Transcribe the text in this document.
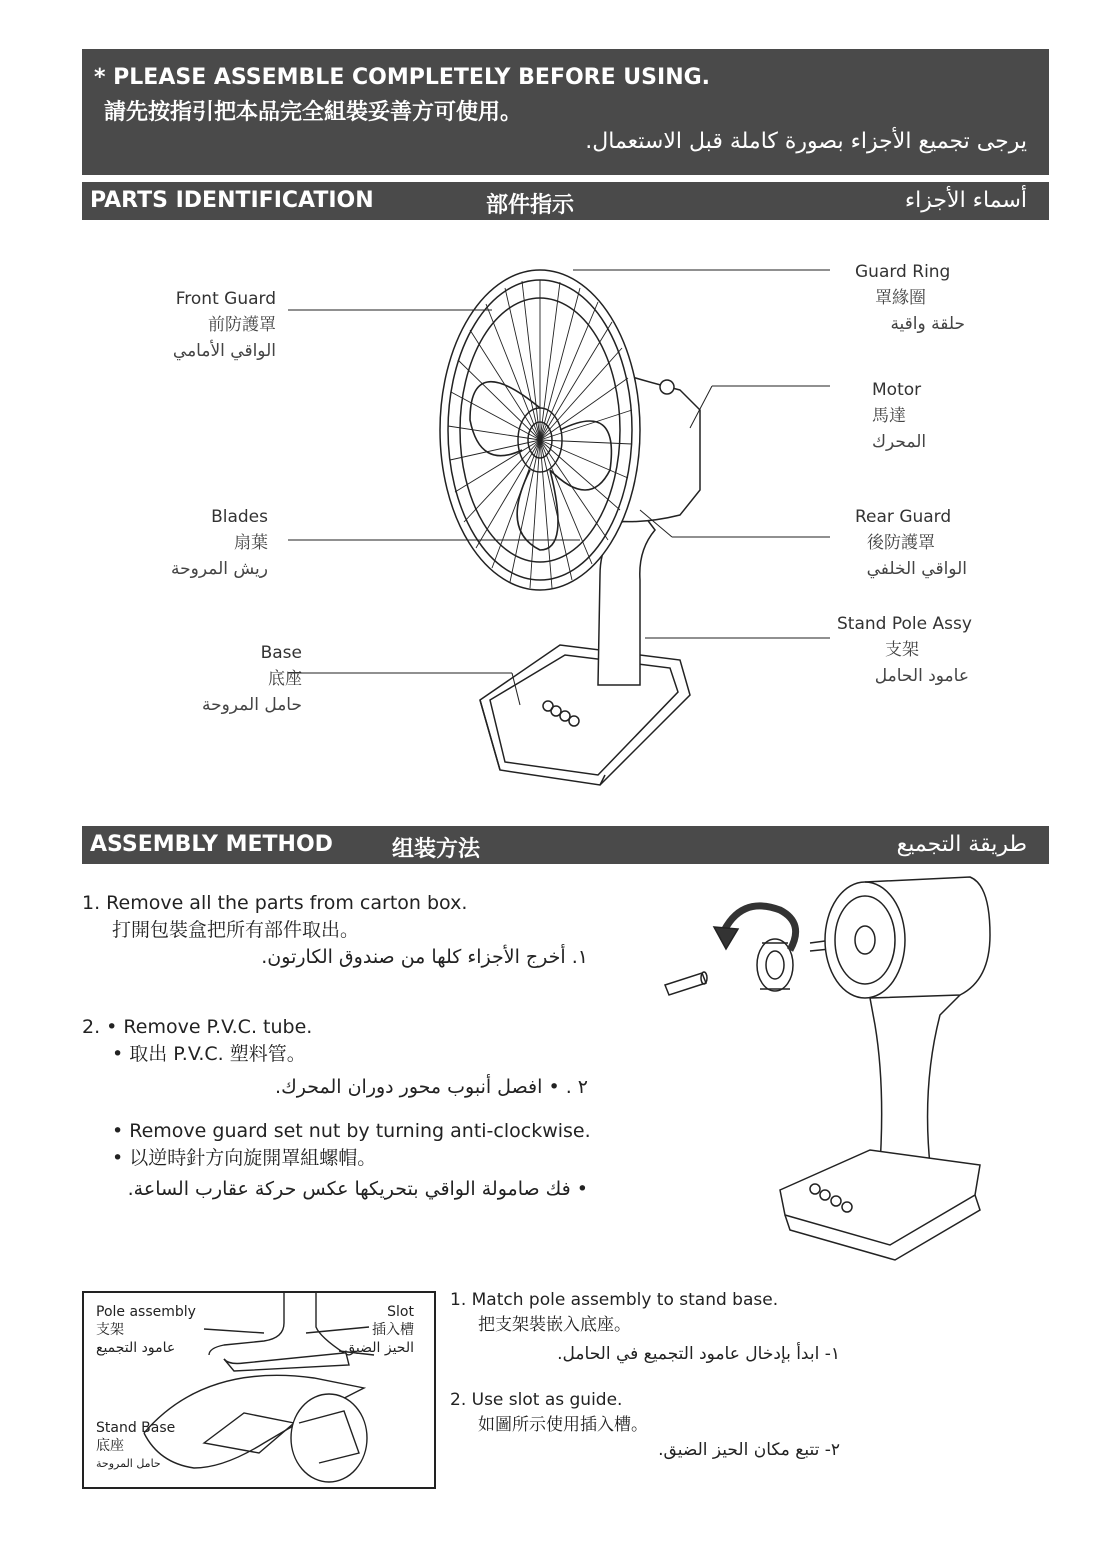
* PLEASE ASSEMBLE COMPLETELY BEFORE USING.
請先按指引把本品完全組裝妥善方可使用。
يرجى تجميع الأجزاء بصورة كاملة قبل الاستعمال.
PARTS IDENTIFICATION	部件指示	أسماء الأجزاء
Front Guard
前防護罩
الواقي الأمامي
Blades
扇葉
ريش المروحة
Base
底座
حامل المروحة
Guard Ring
罩緣圈
حلقة واقية
Motor
馬達
المحرك
Rear Guard
後防護罩
الواقي الخلفي
Stand Pole Assy
支架
عامود الحامل
ASSEMBLY METHOD	组装方法	طريقة التجميع
1. Remove all the parts from carton box.
打開包裝盒把所有部件取出。
١. أخرج الأجزاء كلها من صندوق الكارتون.
2. • Remove P.V.C. tube.
• 取出 P.V.C. 塑料管。
٢ . • افصل أنبوب محور دوران المحرك.
• Remove guard set nut by turning anti-clockwise.
• 以逆時針方向旋開罩組螺帽。
• فك صامولة الواقي بتحريكها عكس حركة عقارب الساعة.
Pole assembly
支架
عامود التجميع
Slot
插入槽
الحيز الضيق
Stand Base
底座
حامل المروحة
1. Match pole assembly to stand base.
把支架裝嵌入底座。
١- ابدأ بإدخال عامود التجميع في الحامل.
2. Use slot as guide.
如圖所示使用插入槽。
٢- تتبع مكان الحيز الضيق.
